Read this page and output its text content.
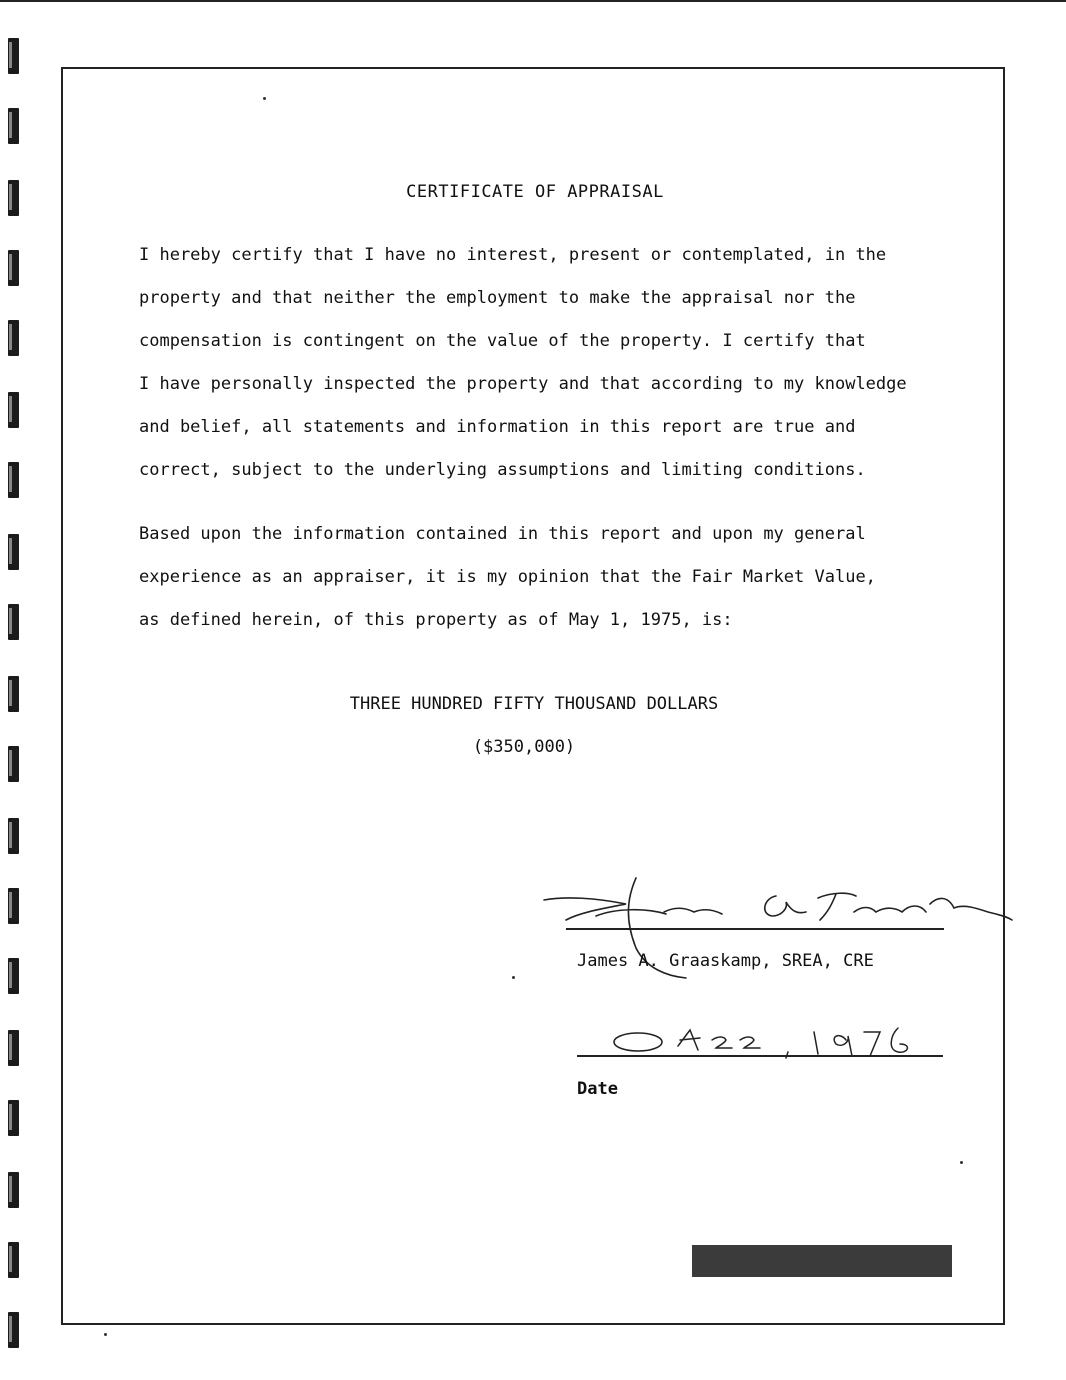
CERTIFICATE OF APPRAISAL

I hereby certify that I have no interest, present or contemplated, in the
property and that neither the employment to make the appraisal nor the
compensation is contingent on the value of the property. I certify that
I have personally inspected the property and that according to my knowledge
and belief, all statements and information in this report are true and
correct, subject to the underlying assumptions and limiting conditions.

Based upon the information contained in this report and upon my general
experience as an appraiser, it is my opinion that the Fair Market Value,
as defined herein, of this property as of May 1, 1975, is:

THREE HUNDRED FIFTY THOUSAND DOLLARS
($350,000)
James A. Graaskamp, SREA, CRE
Date
